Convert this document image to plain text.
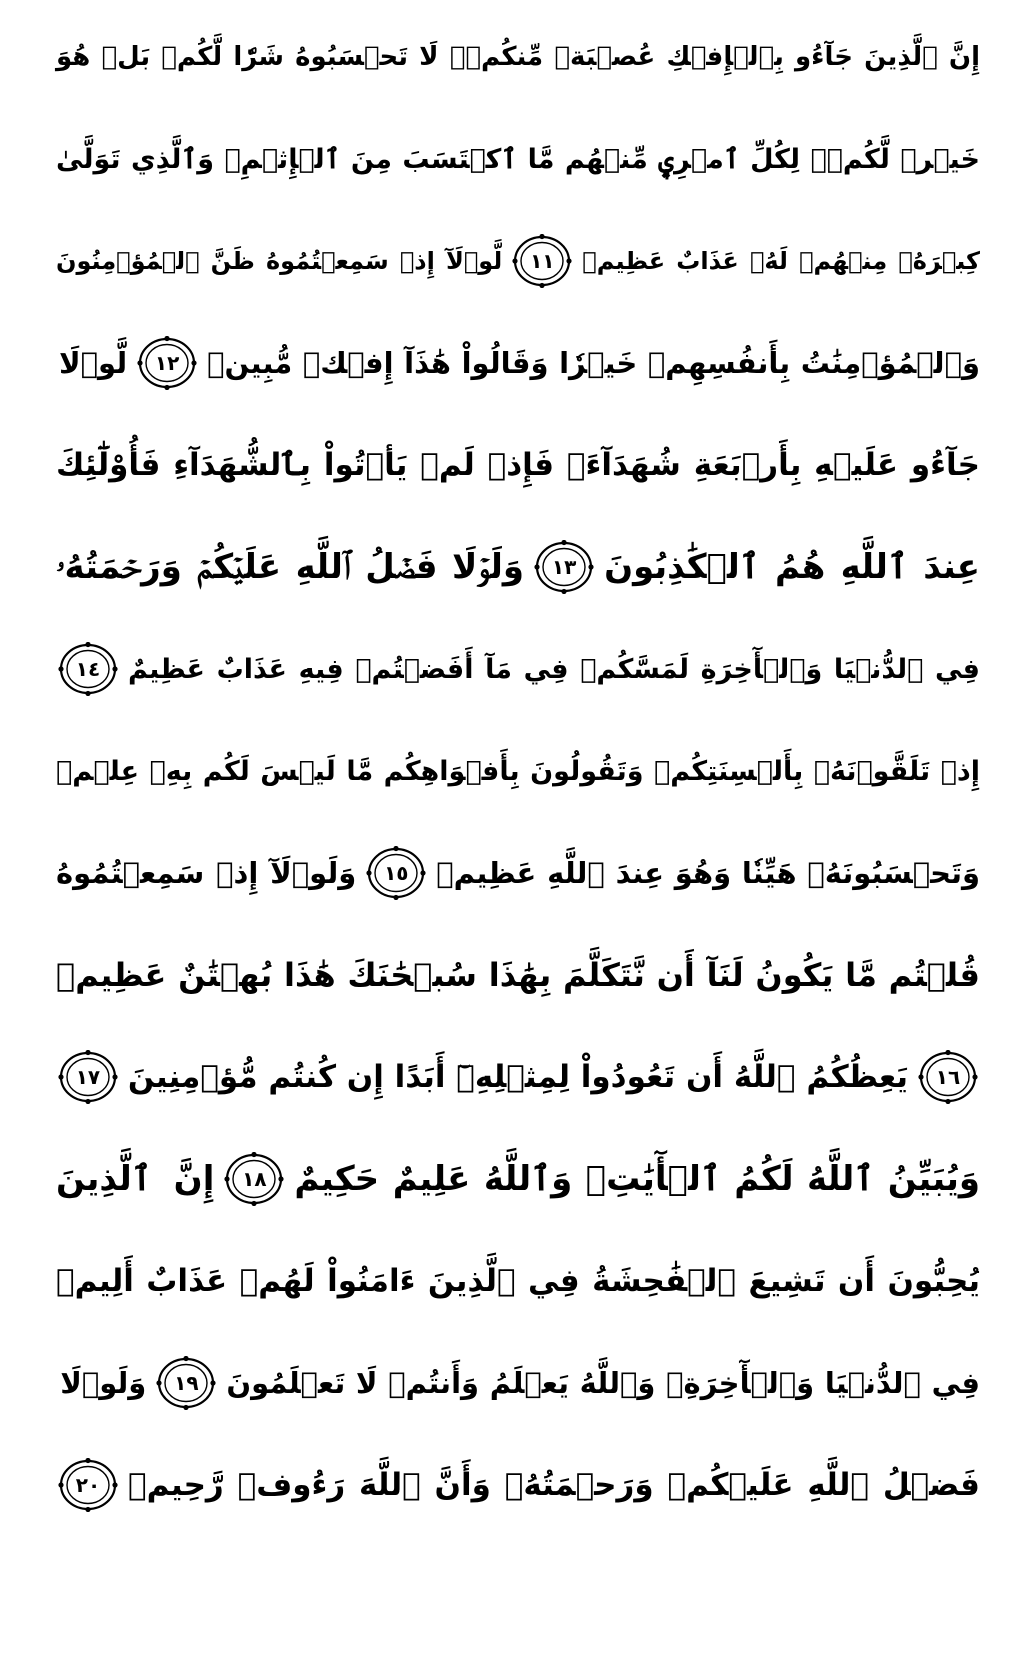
إِنَّ ٱلَّذِينَ جَآءُو بِٱلۡإِفۡكِ عُصۡبَةٞ مِّنكُمۡۚ لَا تَحۡسَبُوهُ شَرّٗا لَّكُمۖ بَلۡ هُوَ
خَيۡرٞ لَّكُمۡۚ لِكُلِّ ٱمۡرِيٕٖ مِّنۡهُم مَّا ٱكۡتَسَبَ مِنَ ٱلۡإِثۡمِۚ وَٱلَّذِي تَوَلَّىٰ
كِبۡرَهُۥ مِنۡهُمۡ لَهُۥ عَذَابٌ عَظِيمٞ
١١
لَّوۡلَآ إِذۡ سَمِعۡتُمُوهُ ظَنَّ ٱلۡمُؤۡمِنُونَ
وَٱلۡمُؤۡمِنَٰتُ بِأَنفُسِهِمۡ خَيۡرٗا وَقَالُواْ هَٰذَآ إِفۡكٞ مُّبِينٞ
١٢
لَّوۡلَا
جَآءُو عَلَيۡهِ بِأَرۡبَعَةِ شُهَدَآءَۚ فَإِذۡ لَمۡ يَأۡتُواْ بِٱلشُّهَدَآءِ فَأُوْلَٰٓئِكَ
عِندَ ٱللَّهِ هُمُ ٱلۡكَٰذِبُونَ
١٣
وَلَوۡلَا فَضۡلُ ٱللَّهِ عَلَيۡكُمۡ وَرَحۡمَتُهُۥ
فِي ٱلدُّنۡيَا وَٱلۡأٓخِرَةِ لَمَسَّكُمۡ فِي مَآ أَفَضۡتُمۡ فِيهِ عَذَابٌ عَظِيمٌ
١٤
إِذۡ تَلَقَّوۡنَهُۥ بِأَلۡسِنَتِكُمۡ وَتَقُولُونَ بِأَفۡوَاهِكُم مَّا لَيۡسَ لَكُم بِهِۦ عِلۡمٞ
وَتَحۡسَبُونَهُۥ هَيِّنٗا وَهُوَ عِندَ ٱللَّهِ عَظِيمٞ
١٥
وَلَوۡلَآ إِذۡ سَمِعۡتُمُوهُ
قُلۡتُم مَّا يَكُونُ لَنَآ أَن نَّتَكَلَّمَ بِهَٰذَا سُبۡحَٰنَكَ هَٰذَا بُهۡتَٰنٌ عَظِيمٞ
١٦
يَعِظُكُمُ ٱللَّهُ أَن تَعُودُواْ لِمِثۡلِهِۦٓ أَبَدًا إِن كُنتُم مُّؤۡمِنِينَ
١٧
وَيُبَيِّنُ ٱللَّهُ لَكُمُ ٱلۡأٓيَٰتِۚ وَٱللَّهُ عَلِيمٌ حَكِيمٌ
١٨
إِنَّ ٱلَّذِينَ
يُحِبُّونَ أَن تَشِيعَ ٱلۡفَٰحِشَةُ فِي ٱلَّذِينَ ءَامَنُواْ لَهُمۡ عَذَابٌ أَلِيمٞ
فِي ٱلدُّنۡيَا وَٱلۡأٓخِرَةِۚ وَٱللَّهُ يَعۡلَمُ وَأَنتُمۡ لَا تَعۡلَمُونَ
١٩
وَلَوۡلَا
فَضۡلُ ٱللَّهِ عَلَيۡكُمۡ وَرَحۡمَتُهُۥ وَأَنَّ ٱللَّهَ رَءُوفٞ رَّحِيمٞ
٢٠
